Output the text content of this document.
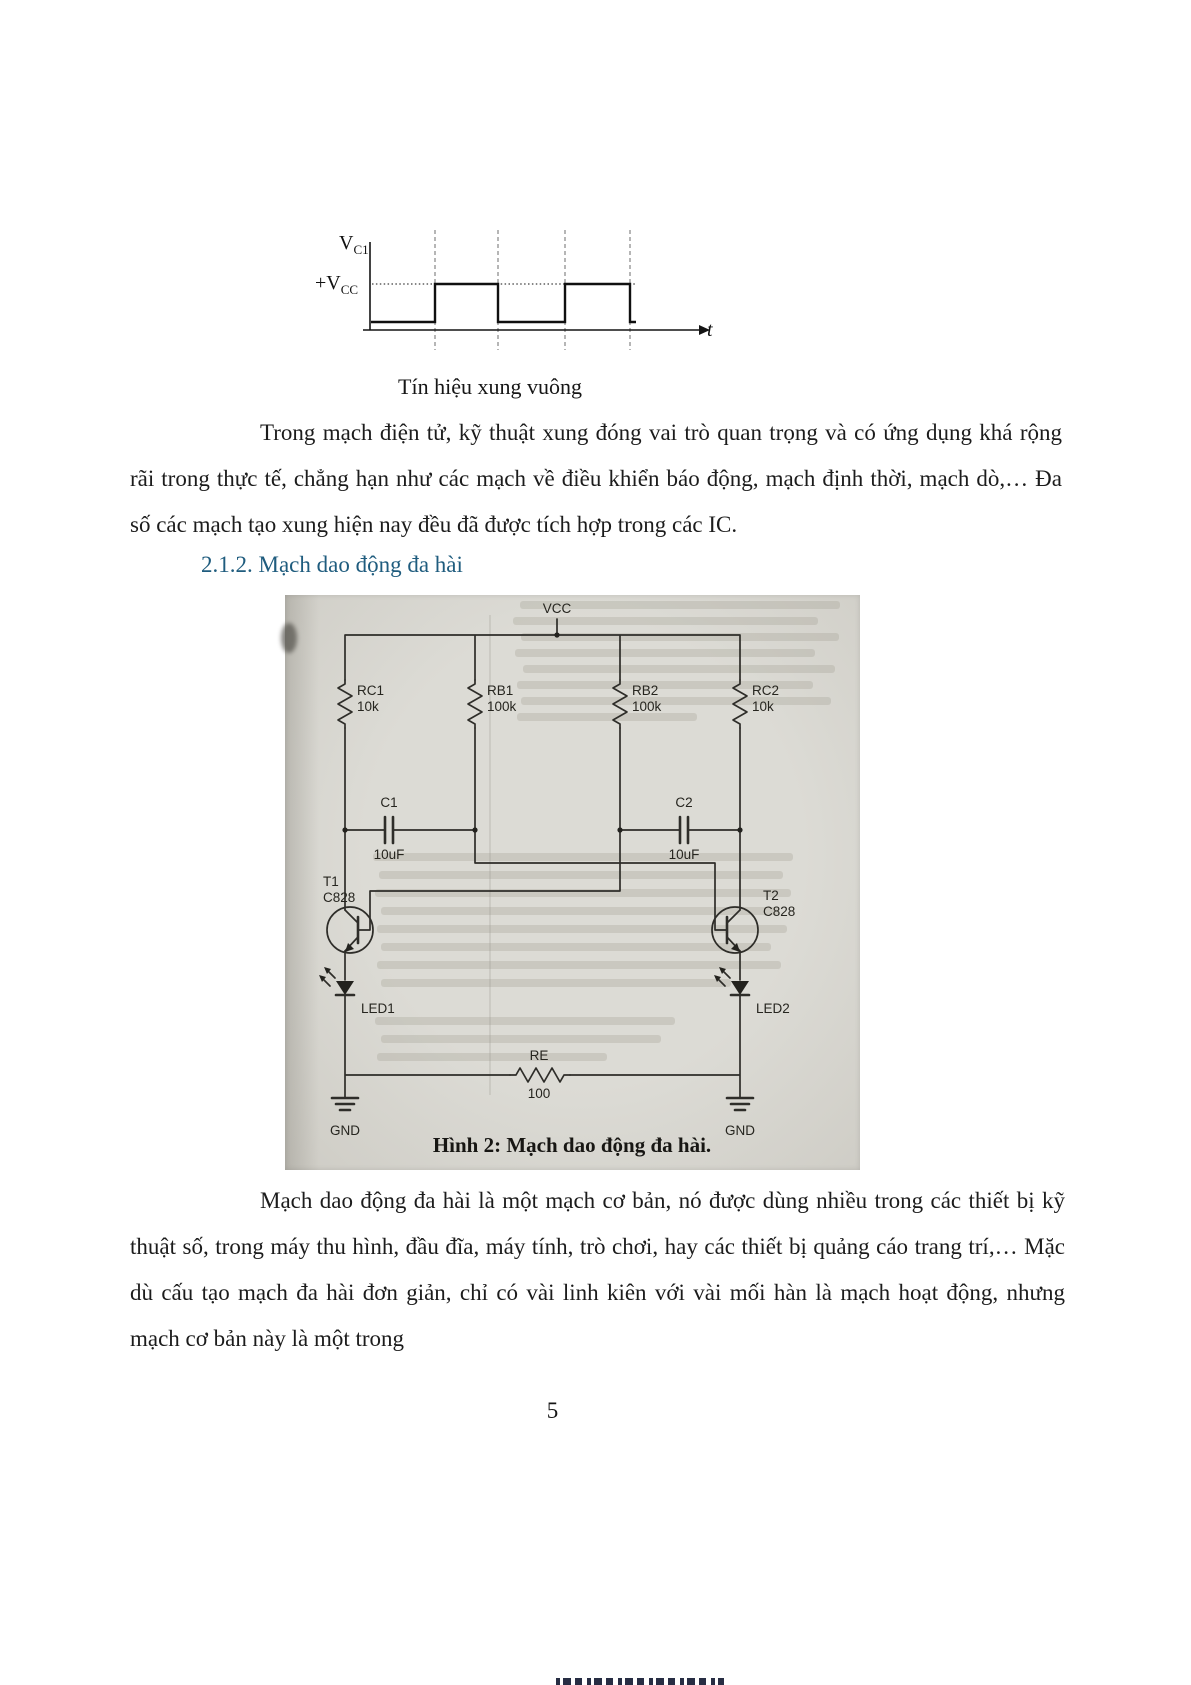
$V_{C1}$
$+V_{CC}$
t
Tín hiệu xung vuông

Trong mạch điện tử, kỹ thuật xung đóng vai trò quan trọng và có ứng dụng khá rộng rãi trong thực tế, chẳng hạn như các mạch về điều khiển báo động, mạch định thời, mạch dò,… Đa số các mạch tạo xung hiện nay đều đã được tích hợp trong các IC.

2.1.2. Mạch dao động đa hài
VCC
RC1
10k
RB1
100k
RB2
100k
RC2
10k
C1
10uF
C2
10uF
T1
C828	T2
C828
LED1	LED2
RE
100
GND	GND
Hình 2: Mạch dao động đa hài.

Mạch dao động đa hài là một mạch cơ bản, nó được dùng nhiều trong các thiết bị kỹ thuật số, trong máy thu hình, đầu đĩa, máy tính, trò chơi, hay các thiết bị quảng cáo trang trí,… Mặc dù cấu tạo mạch đa hài đơn giản, chỉ có vài linh kiên với vài mối hàn là mạch hoạt động, nhưng mạch cơ bản này là một trong

5
